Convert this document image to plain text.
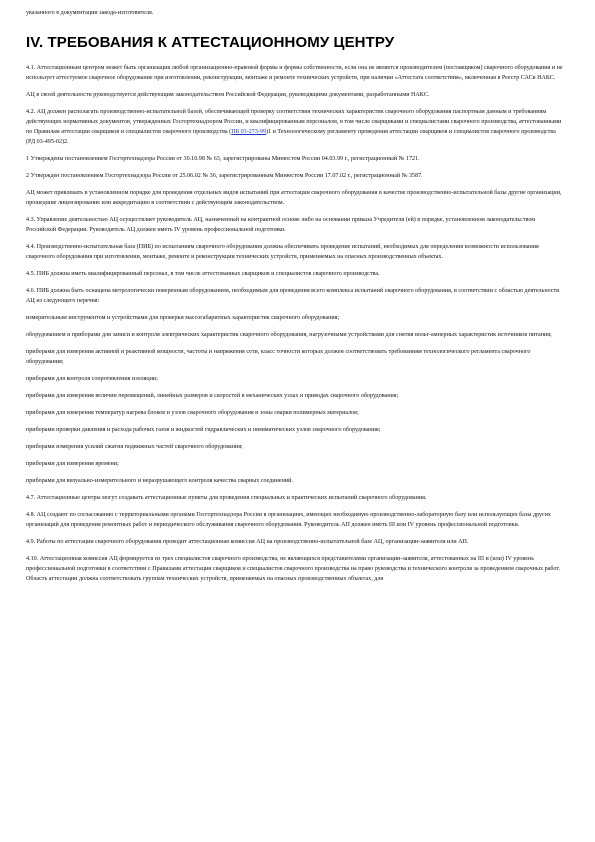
указанного в документации завода-изготовителя.

IV. ТРЕБОВАНИЯ К АТТЕСТАЦИОННОМУ ЦЕНТРУ

4.1. Аттестационным центром может быть организация любой организационно-правовой формы и формы собственности, если она не является производителем (поставщиком) сварочного оборудования и не использует аттестуемое сварочное оборудование при изготовлении, реконструкции, монтаже и ремонте технических устройств, при наличии «Аттестата соответствия», включенная в Реестр САСв НАКС.

АЦ в своей деятельности руководствуется действующим законодательством Российской Федерации, руководящими документами, разработанными НАКС.

4.2. АЦ должен располагать производственно-испытательной базой, обеспечивающей проверку соответствия технических характеристик сварочного оборудования паспортным данным и требованиям действующих нормативных документов, утвержденных Госгортехнадзором России, и квалифицированным персоналом, в том числе сварщиками и специалистами сварочного производства, аттестованными по Правилам аттестации сварщиков и специалистов сварочного производства (ПБ 03-273-99)1 и Технологическому регламенту проведения аттестации сварщиков и специалистов сварочного производства (РД 03-495-02)2.

1 Утверждены постановлением Госгортехнадзора России от 30.10.98 № 63, зарегистрированы Минюстом России 04.03.99 г., регистрационный № 1721.

2 Утвержден постановлением Госгортехнадзора России от 25.06.02 № 36, зарегистрированным Минюстом России 17.07.02 г., регистрационный № 3587.

АЦ может привлекать в установленном порядке для проведения отдельных видов испытаний при аттестации сварочного оборудования в качестве производственно-испытательной базы другие организации, прошедшие лицензирование или аккредитацию в соответствии с действующим законодательством.

4.3. Управление деятельностью АЦ осуществляет руководитель АЦ, назначенный на контрактной основе либо на основании приказа Учредителя (ей) в порядке, установленном законодательством Российской Федерации. Руководитель АЦ должен иметь IV уровень профессиональной подготовки.

4.4. Производственно-испытательная база (ПИБ) по испытаниям сварочного оборудования должна обеспечивать проведение испытаний, необходимых для определения возможности использования сварочного оборудования при изготовлении, монтаже, ремонте и реконструкции технических устройств, применяемых на опасных производственных объектах.

4.5. ПИБ должна иметь квалифицированный персонал, в том числе аттестованных сварщиков и специалистов сварочного производства.

4.6. ПИБ должна быть оснащена метрологически поверенным оборудованием, необходимым для проведения всего комплекса испытаний сварочного оборудования, в соответствии с областью деятельности АЦ из следующего перечня:

измерительным инструментом и устройствами для проверки массогабаритных характеристик сварочного оборудования;

оборудованием и приборами для записи и контроля электрических характеристик сварочного оборудования, нагрузочными устройствами для снятия вольт-амперных характеристик источников питания;

приборами для измерения активной и реактивной мощности, частоты и напряжения сети, класс точности которых должен соответствовать требованиям технологического регламента сварочного оборудования;

приборами для контроля сопротивления изоляции;

приборами для измерения величин перемещений, линейных размеров и скоростей в механических узлах и приводах сварочного оборудования;

приборами для измерения температур нагрева блоков и узлов сварочного оборудования и зоны сварки полимерных материалов;

приборами проверки давления и расхода рабочих газов и жидкостей гидравлических и пневматических узлов сварочного оборудования;

приборами измерения усилий сжатия подвижных частей сварочного оборудования;

приборами для измерения времени;

приборами для визуально-измерительного и неразрушающего контроля качества сварных соединений.

4.7. Аттестационные центры могут создавать аттестационные пункты для проведения специальных и практических испытаний сварочного оборудования.

4.8. АЦ создают по согласованию с территориальными органами Госгортехнадзора России в организациях, имеющих необходимую производственно-лабораторную базу или использующих базы других организаций для проведения ремонтных работ и периодического обслуживания сварочного оборудования. Руководитель АП должен иметь III или IV уровень профессиональной подготовки.

4.9. Работы по аттестации сварочного оборудования проводит аттестационная комиссия АЦ на производственно-испытательной базе АЦ, организации-заявителя или АП.

4.10. Аттестационная комиссия АЦ формируется из трех специалистов сварочного производства, не являющихся представителями организации-заявителя, аттестованных на III и (или) IV уровень профессиональной подготовки в соответствии с Правилами аттестации сварщиков и специалистов сварочного производства на право руководства и технического контроля за проведением сварочных работ. Область аттестации должна соответствовать группам технических устройств, применяемых на опасных производственных объектах, для
